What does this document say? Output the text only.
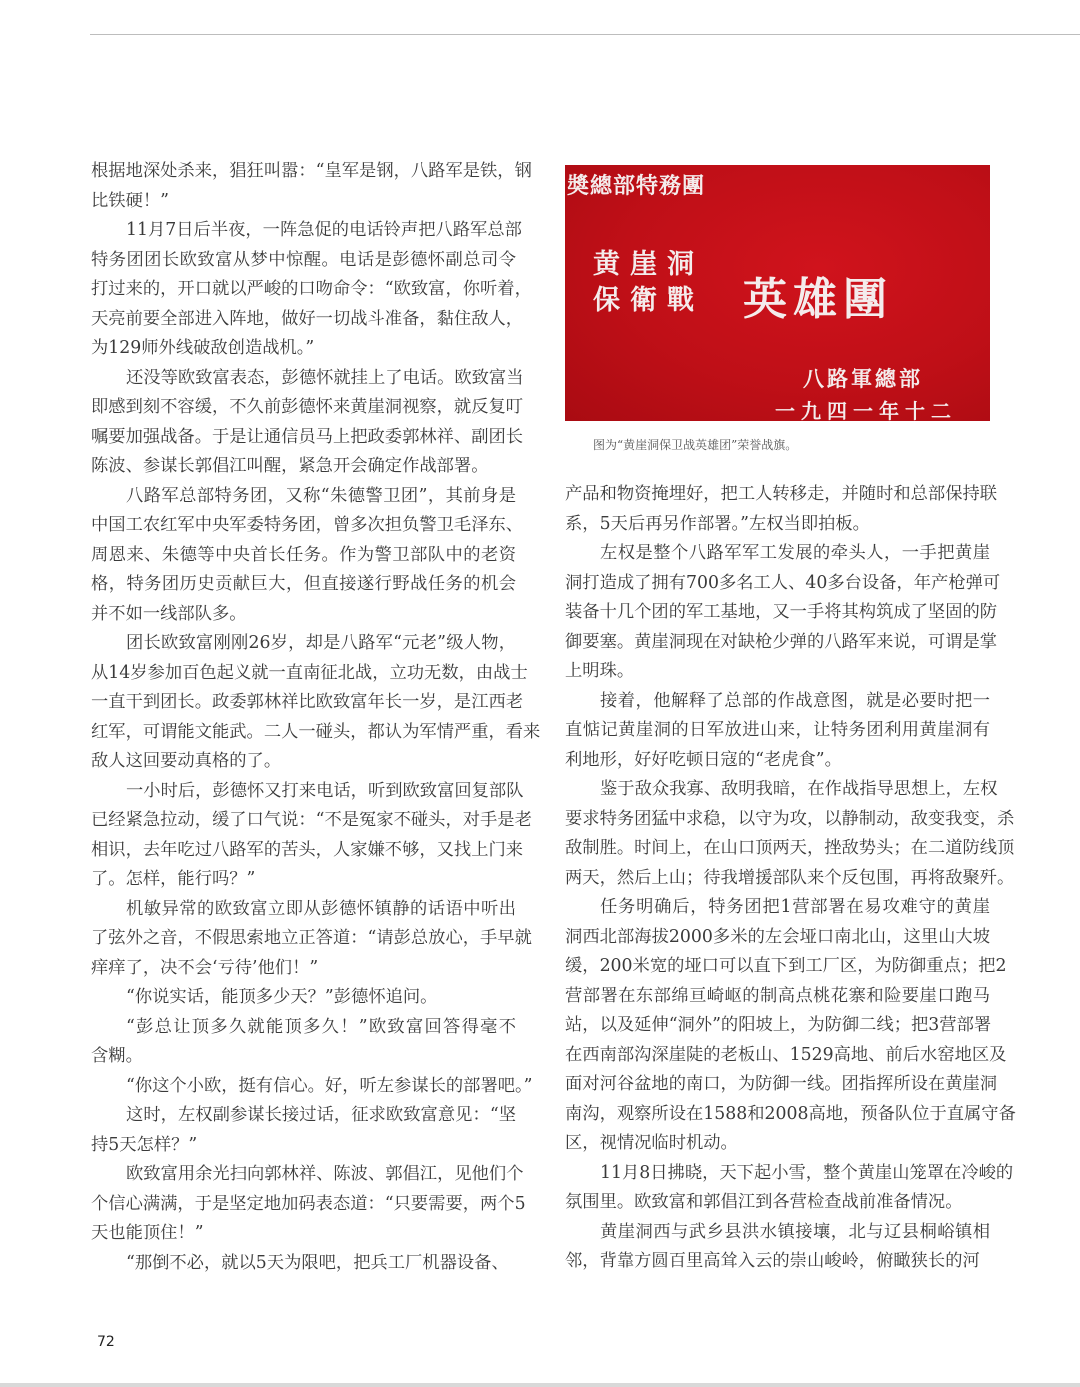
根据地深处杀来，猖狂叫嚣：“皇军是钢，八路军是铁，钢
比铁硬！”
11月7日后半夜，一阵急促的电话铃声把八路军总部
特务团团长欧致富从梦中惊醒。电话是彭德怀副总司令
打过来的，开口就以严峻的口吻命令：“欧致富，你听着，
天亮前要全部进入阵地，做好一切战斗准备，黏住敌人，
为129师外线破敌创造战机。”
还没等欧致富表态，彭德怀就挂上了电话。欧致富当
即感到刻不容缓，不久前彭德怀来黄崖洞视察，就反复叮
嘱要加强战备。于是让通信员马上把政委郭林祥、副团长
陈波、参谋长郭倡江叫醒，紧急开会确定作战部署。
八路军总部特务团，又称“朱德警卫团”，其前身是
中国工农红军中央军委特务团，曾多次担负警卫毛泽东、
周恩来、朱德等中央首长任务。作为警卫部队中的老资
格，特务团历史贡献巨大，但直接遂行野战任务的机会
并不如一线部队多。
团长欧致富刚刚26岁，却是八路军“元老”级人物，
从14岁参加百色起义就一直南征北战，立功无数，由战士
一直干到团长。政委郭林祥比欧致富年长一岁，是江西老
红军，可谓能文能武。二人一碰头，都认为军情严重，看来
敌人这回要动真格的了。
一小时后，彭德怀又打来电话，听到欧致富回复部队
已经紧急拉动，缓了口气说：“不是冤家不碰头，对手是老
相识，去年吃过八路军的苦头，人家嫌不够，又找上门来
了。怎样，能行吗？”
机敏异常的欧致富立即从彭德怀镇静的话语中听出
了弦外之音，不假思索地立正答道：“请彭总放心，手早就
痒痒了，决不会‘亏待’他们！”
“你说实话，能顶多少天？”彭德怀追问。
“彭总让顶多久就能顶多久！”欧致富回答得毫不
含糊。
“你这个小欧，挺有信心。好，听左参谋长的部署吧。”
这时，左权副参谋长接过话，征求欧致富意见：“坚
持5天怎样？”
欧致富用余光扫向郭林祥、陈波、郭倡江，见他们个
个信心满满，于是坚定地加码表态道：“只要需要，两个5
天也能顶住！”
“那倒不必，就以5天为限吧，把兵工厂机器设备、
奬總部特務團
黄崖洞
保衛戰 英雄團
八路軍總部
一九四一年十二
图为“黄崖洞保卫战英雄团”荣誉战旗。
产品和物资掩埋好，把工人转移走，并随时和总部保持联
系，5天后再另作部署。”左权当即拍板。
左权是整个八路军军工发展的牵头人，一手把黄崖
洞打造成了拥有700多名工人、40多台设备，年产枪弹可
装备十几个团的军工基地，又一手将其构筑成了坚固的防
御要塞。黄崖洞现在对缺枪少弹的八路军来说，可谓是掌
上明珠。
接着，他解释了总部的作战意图，就是必要时把一
直惦记黄崖洞的日军放进山来，让特务团利用黄崖洞有
利地形，好好吃顿日寇的“老虎食”。
鉴于敌众我寡、敌明我暗，在作战指导思想上，左权
要求特务团猛中求稳，以守为攻，以静制动，敌变我变，杀
敌制胜。时间上，在山口顶两天，挫敌势头；在二道防线顶
两天，然后上山；待我增援部队来个反包围，再将敌聚歼。
任务明确后，特务团把1营部署在易攻难守的黄崖
洞西北部海拔2000多米的左会垭口南北山，这里山大坡
缓，200米宽的垭口可以直下到工厂区，为防御重点；把2
营部署在东部绵亘崎岖的制高点桃花寨和险要崖口跑马
站，以及延伸“洞外”的阳坡上，为防御二线；把3营部署
在西南部沟深崖陡的老板山、1529高地、前后水窑地区及
面对河谷盆地的南口，为防御一线。团指挥所设在黄崖洞
南沟，观察所设在1588和2008高地，预备队位于直属守备
区，视情况临时机动。
11月8日拂晓，天下起小雪，整个黄崖山笼罩在冷峻的
氛围里。欧致富和郭倡江到各营检查战前准备情况。
黄崖洞西与武乡县洪水镇接壤，北与辽县桐峪镇相
邻，背靠方圆百里高耸入云的崇山峻岭，俯瞰狭长的河
72
